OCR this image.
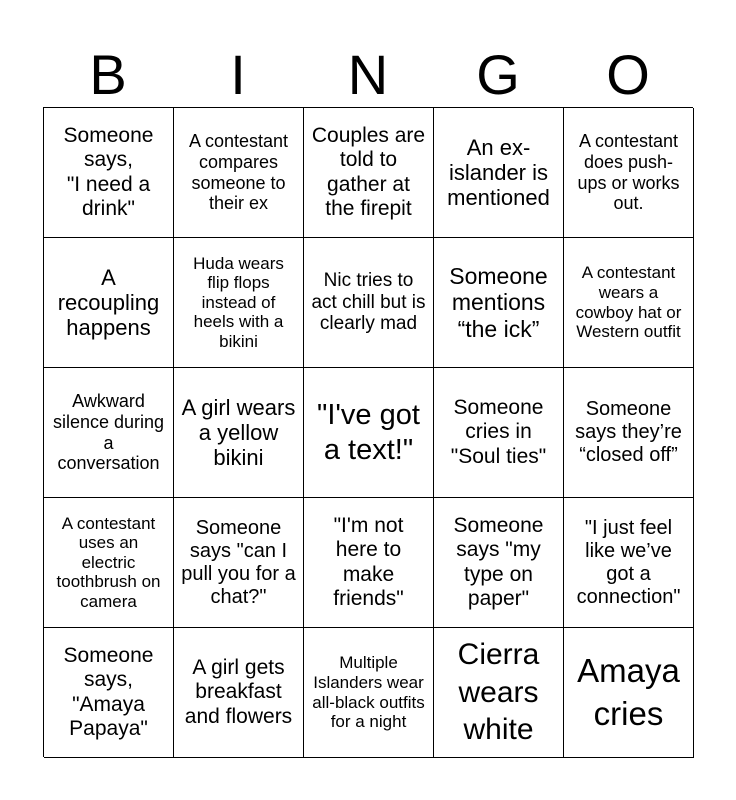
B	I	N	G	O
Someone says,
"I need a drink"
A contestant compares someone to their ex
Couples are told to gather at the firepit
An ex-islander is mentioned
A contestant does push-ups or works out.
A recoupling happens
Huda wears flip flops instead of heels with a bikini
Nic tries to act chill but is clearly mad
Someone mentions “the ick”
A contestant wears a cowboy hat or Western outfit
Awkward silence during a conversation
A girl wears a yellow bikini
"I've got a text!"
Someone cries in "Soul ties"
Someone says they’re “closed off”
A contestant uses an electric toothbrush on camera
Someone says "can I pull you for a chat?"
"I'm not here to make friends"
Someone says "my type on paper"
"I just feel like we’ve got a connection"
Someone says, "Amaya Papaya"
A girl gets breakfast and flowers
Multiple Islanders wear all-black outfits for a night
Cierra wears white
Amaya cries
